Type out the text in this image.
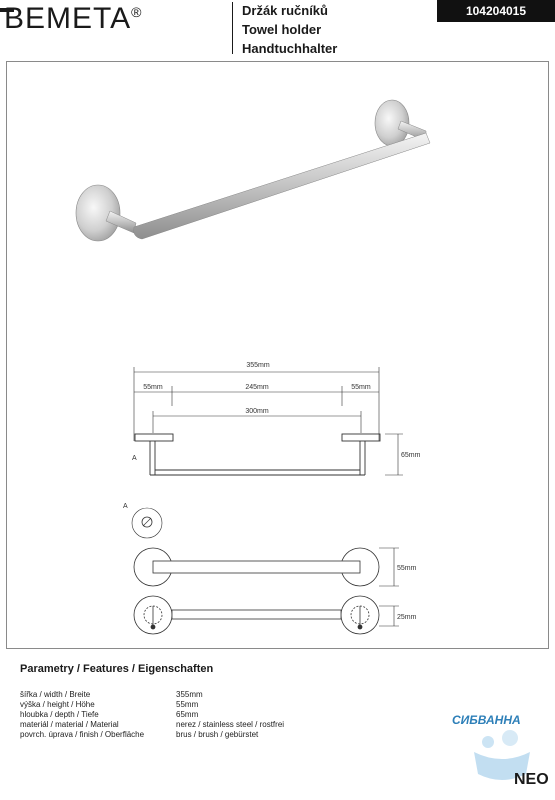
BEMETA®	Držák ručníků
Towel holder
Handtuchhalter
104204015
355mm
55mm	245mm	55mm
300mm
65mm
A
A
55mm
25mm
Parametry / Features / Eigenschaften
šířka / width / Breite	355mm
výška / height / Höhe	55mm
hloubka / depth / Tiefe	65mm
materiál / material / Material	nerez / stainless steel / rostfrei
povrch. úprava / finish / Oberfläche	brus / brush / gebürstet
СИБВАННА
NEO
